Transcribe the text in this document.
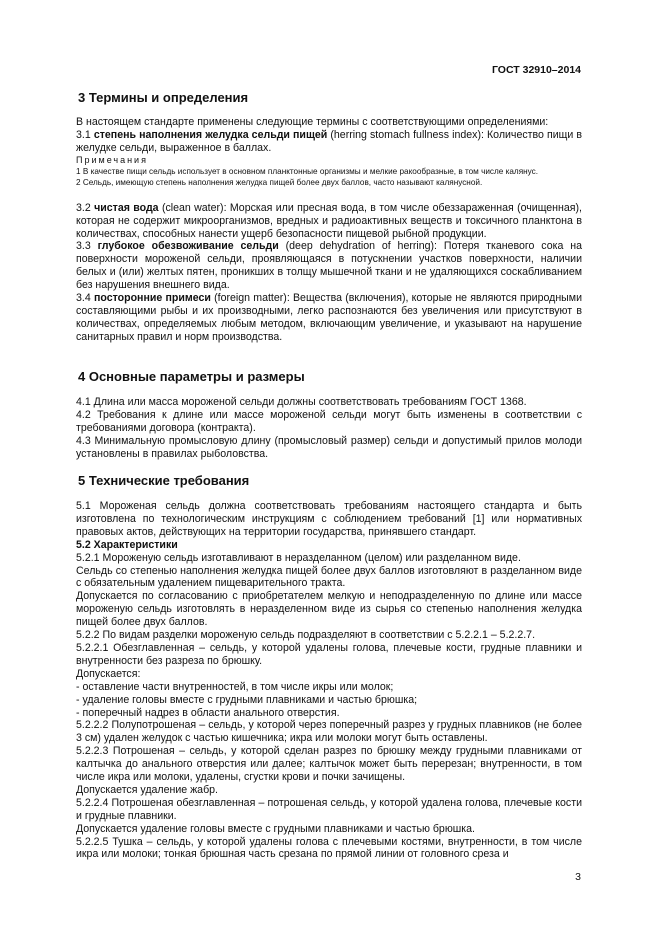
ГОСТ 32910–2014
3 Термины и определения

В настоящем стандарте применены следующие термины с соответствующими определениями:

3.1 степень наполнения желудка сельди пищей (herring stomach fullness index): Количество пищи в желудке сельди, выраженное в баллах.

Примечания

1 В качестве пищи сельдь использует в основном планктонные организмы и мелкие ракообразные, в том числе калянус.

2 Сельдь, имеющую степень наполнения желудка пищей более двух баллов, часто называют калянусной.

3.2 чистая вода (clean water): Морская или пресная вода, в том числе обеззараженная (очищенная), которая не содержит микроорганизмов, вредных и радиоактивных веществ и токсичного планктона в количествах, способных нанести ущерб безопасности пищевой рыбной продукции.

3.3 глубокое обезвоживание сельди (deep dehydration of herring): Потеря тканевого сока на поверхности мороженой сельди, проявляющаяся в потускнении участков поверхности, наличии белых и (или) желтых пятен, проникших в толщу мышечной ткани и не удаляющихся соскабливанием без нарушения внешнего вида.

3.4 посторонние примеси (foreign matter): Вещества (включения), которые не являются природными составляющими рыбы и их производными, легко распознаются без увеличения или присутствуют в количествах, определяемых любым методом, включающим увеличение, и указывают на нарушение санитарных правил и норм производства.

4 Основные параметры и размеры

4.1 Длина или масса мороженой сельди должны соответствовать требованиям ГОСТ 1368.

4.2 Требования к длине или массе мороженой сельди могут быть изменены в соответствии с требованиями договора (контракта).

4.3 Минимальную промысловую длину (промысловый размер) сельди и допустимый прилов молоди установлены в правилах рыболовства.

5 Технические требования

5.1 Мороженая сельдь должна соответствовать требованиям настоящего стандарта и быть изготовлена по технологическим инструкциям с соблюдением требований [1] или нормативных правовых актов, действующих на территории государства, принявшего стандарт.

5.2 Характеристики

5.2.1 Мороженую сельдь изготавливают в неразделанном (целом) или разделанном виде.

Сельдь со степенью наполнения желудка пищей более двух баллов изготовляют в разделанном виде с обязательным удалением пищеварительного тракта.

Допускается по согласованию с приобретателем мелкую и неподразделенную по длине или массе мороженую сельдь изготовлять в неразделенном виде из сырья со степенью наполнения желудка пищей более двух баллов.

5.2.2 По видам разделки мороженую сельдь подразделяют в соответствии с 5.2.2.1 – 5.2.2.7.

5.2.2.1 Обезглавленная – сельдь, у которой удалены голова, плечевые кости, грудные плавники и внутренности без разреза по брюшку.

Допускается:

- оставление части внутренностей, в том числе икры или молок;

- удаление головы вместе с грудными плавниками и частью брюшка;

- поперечный надрез в области анального отверстия.

5.2.2.2 Полупотрошеная – сельдь, у которой через поперечный разрез у грудных плавников (не более 3 см) удален желудок с частью кишечника; икра или молоки могут быть оставлены.

5.2.2.3 Потрошеная – сельдь, у которой сделан разрез по брюшку между грудными плавниками от калтычка до анального отверстия или далее; калтычок может быть перерезан; внутренности, в том числе икра или молоки, удалены, сгустки крови и почки зачищены.

Допускается удаление жабр.

5.2.2.4 Потрошеная обезглавленная – потрошеная сельдь, у которой удалена голова, плечевые кости и грудные плавники.

Допускается удаление головы вместе с грудными плавниками и частью брюшка.

5.2.2.5 Тушка – сельдь, у которой удалены голова с плечевыми костями, внутренности, в том числе икра или молоки; тонкая брюшная часть срезана по прямой линии от головного среза и

3
